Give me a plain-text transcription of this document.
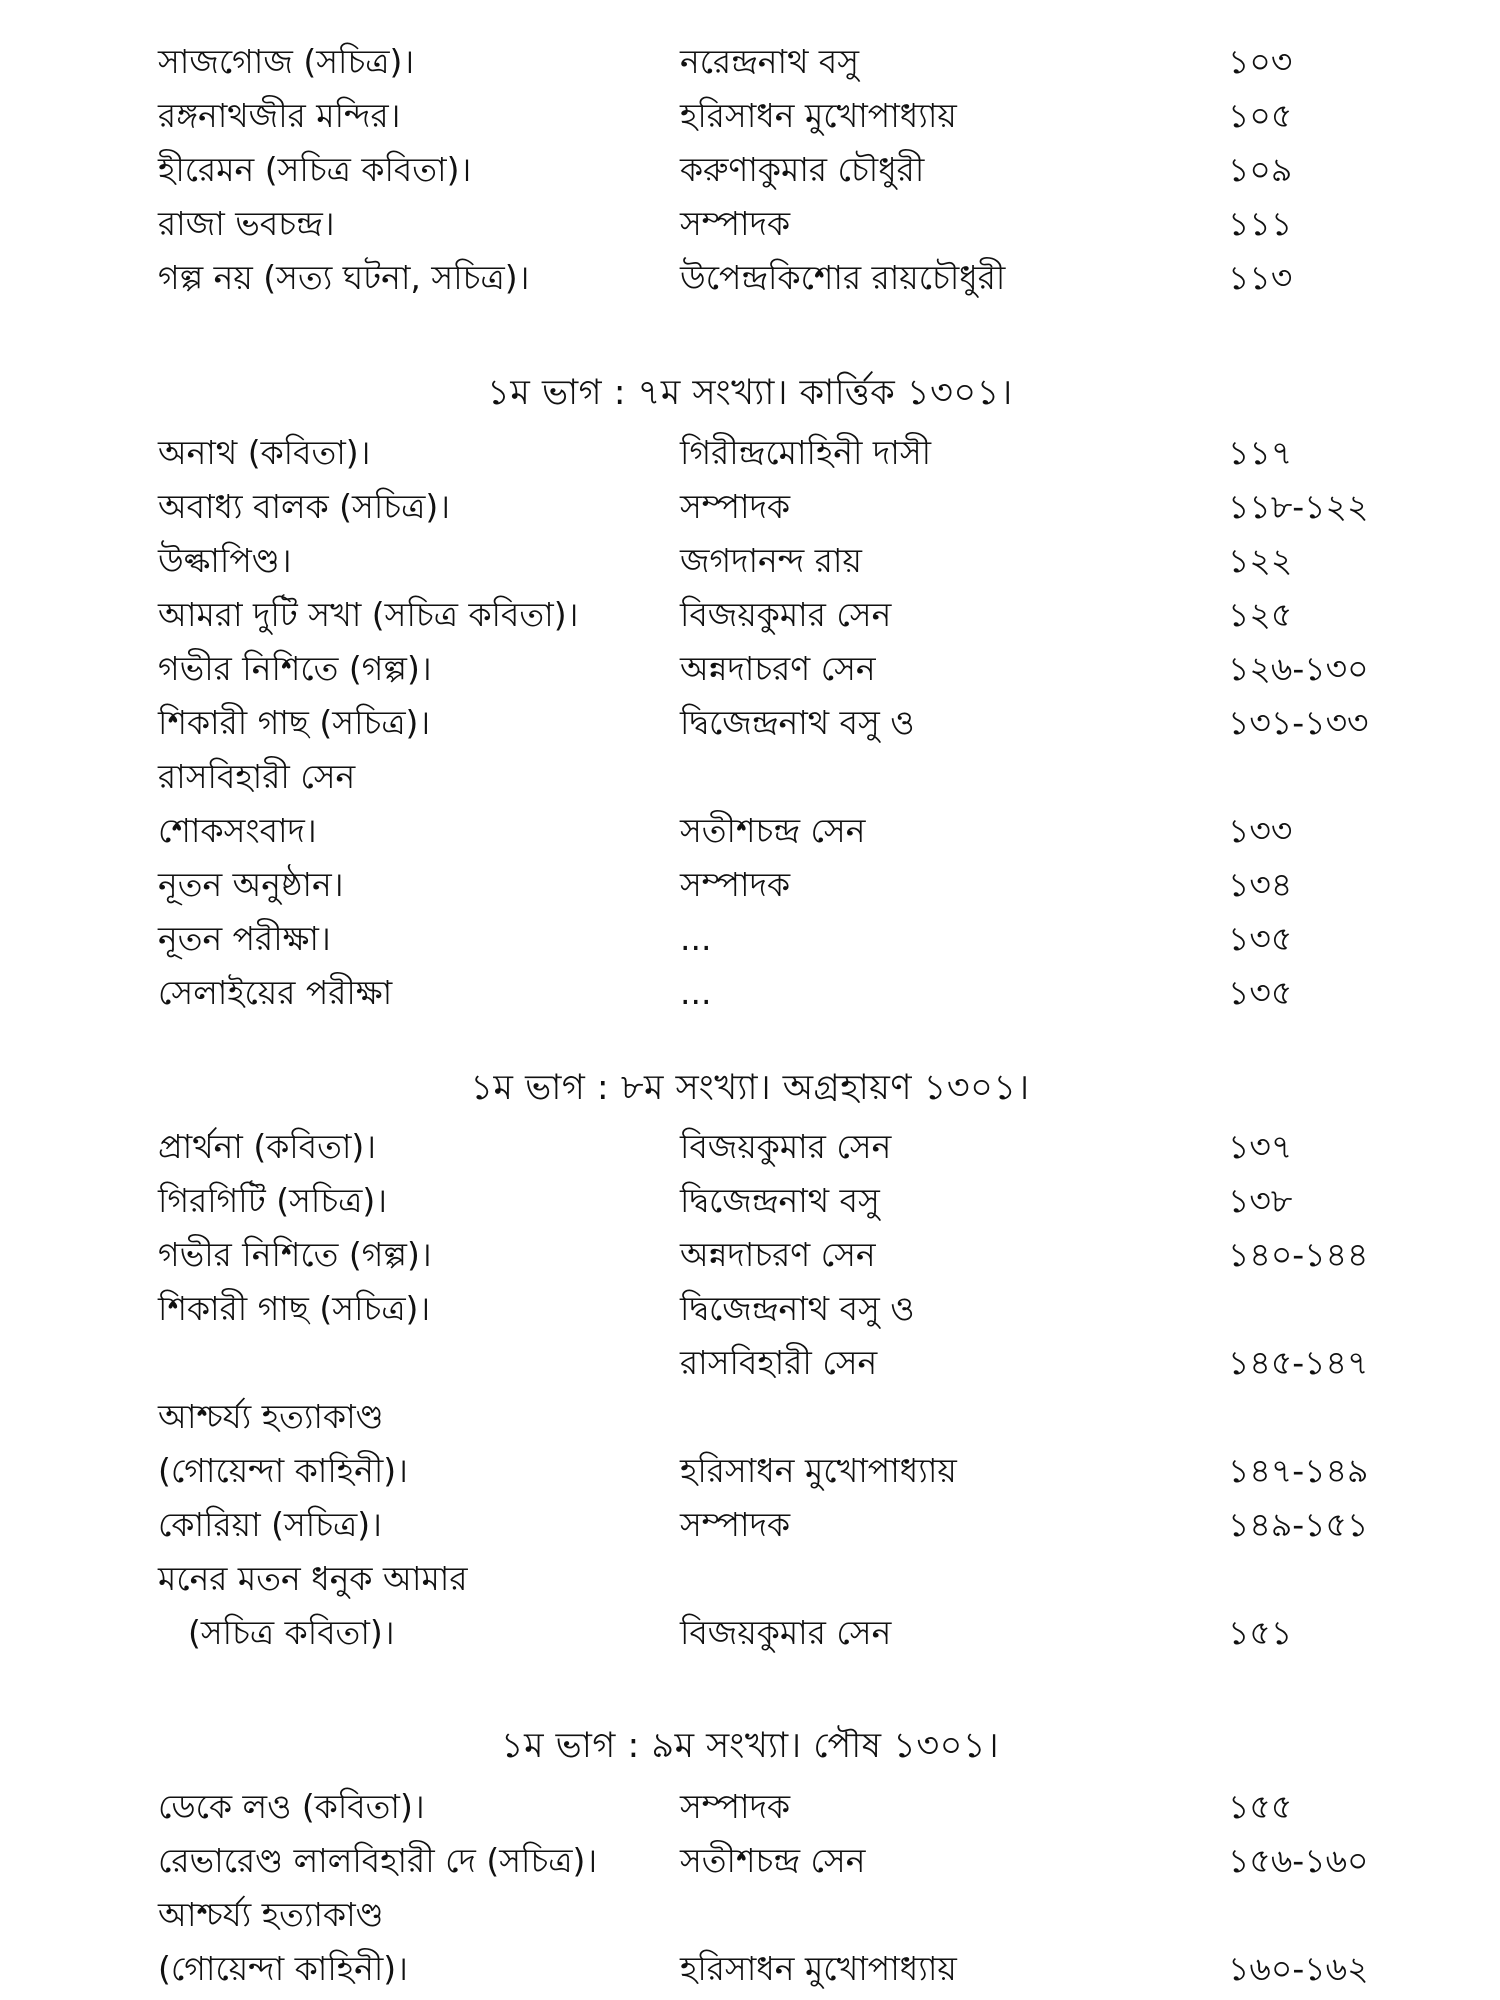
সাজগোজ (সচিত্র)।	নরেন্দ্রনাথ বসু	১০৩
রঙ্গনাথজীর মন্দির।	হরিসাধন মুখোপাধ্যায়	১০৫
হীরেমন (সচিত্র কবিতা)।	করুণাকুমার চৌধুরী	১০৯
রাজা ভবচন্দ্র।	সম্পাদক	১১১
গল্প নয় (সত্য ঘটনা, সচিত্র)।	উপেন্দ্রকিশোর রায়চৌধুরী	১১৩
১ম ভাগ : ৭ম সংখ্যা। কার্ত্তিক ১৩০১।
অনাথ (কবিতা)।	গিরীন্দ্রমোহিনী দাসী	১১৭
অবাধ্য বালক (সচিত্র)।	সম্পাদক	১১৮-১২২
উল্কাপিণ্ড।	জগদানন্দ রায়	১২২
আমরা দুটি সখা (সচিত্র কবিতা)।	বিজয়কুমার সেন	১২৫
গভীর নিশিতে (গল্প)।	অন্নদাচরণ সেন	১২৬-১৩০
শিকারী গাছ (সচিত্র)।	দ্বিজেন্দ্রনাথ বসু ও	১৩১-১৩৩
রাসবিহারী সেন
শোকসংবাদ।	সতীশচন্দ্র সেন	১৩৩
নূতন অনুষ্ঠান।	সম্পাদক	১৩৪
নূতন পরীক্ষা।	...	১৩৫
সেলাইয়ের পরীক্ষা	...	১৩৫
১ম ভাগ : ৮ম সংখ্যা। অগ্রহায়ণ ১৩০১।
প্রার্থনা (কবিতা)।	বিজয়কুমার সেন	১৩৭
গিরগিটি (সচিত্র)।	দ্বিজেন্দ্রনাথ বসু	১৩৮
গভীর নিশিতে (গল্প)।	অন্নদাচরণ সেন	১৪০-১৪৪
শিকারী গাছ (সচিত্র)।	দ্বিজেন্দ্রনাথ বসু ও
রাসবিহারী সেন	১৪৫-১৪৭
আশ্চর্য্য হত্যাকাণ্ড
(গোয়েন্দা কাহিনী)।	হরিসাধন মুখোপাধ্যায়	১৪৭-১৪৯
কোরিয়া (সচিত্র)।	সম্পাদক	১৪৯-১৫১
মনের মতন ধনুক আমার
(সচিত্র কবিতা)।	বিজয়কুমার সেন	১৫১
১ম ভাগ : ৯ম সংখ্যা। পৌষ ১৩০১।
ডেকে লও (কবিতা)।	সম্পাদক	১৫৫
রেভারেণ্ড লালবিহারী দে (সচিত্র)।	সতীশচন্দ্র সেন	১৫৬-১৬০
আশ্চর্য্য হত্যাকাণ্ড
(গোয়েন্দা কাহিনী)।	হরিসাধন মুখোপাধ্যায়	১৬০-১৬২
